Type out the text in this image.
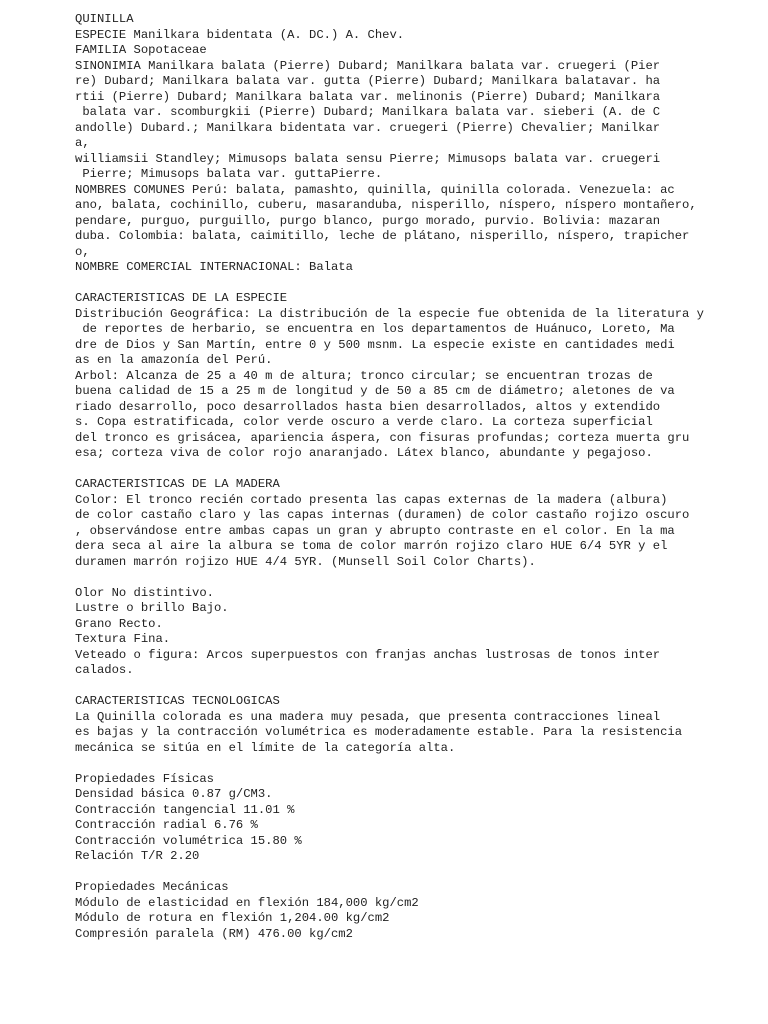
QUINILLA
ESPECIE Manilkara bidentata (A. DC.) A. Chev.
FAMILIA Sopotaceae
SINONIMIA Manilkara balata (Pierre) Dubard; Manilkara balata var. cruegeri (Pier
re) Dubard; Manilkara balata var. gutta (Pierre) Dubard; Manilkara balatavar. ha
rtii (Pierre) Dubard; Manilkara balata var. melinonis (Pierre) Dubard; Manilkara
balata var. scomburgkii (Pierre) Dubard; Manilkara balata var. sieberi (A. de C
andolle) Dubard.; Manilkara bidentata var. cruegeri (Pierre) Chevalier; Manilkar
a,
williamsii Standley; Mimusops balata sensu Pierre; Mimusops balata var. cruegeri
Pierre; Mimusops balata var. guttaPierre.
NOMBRES COMUNES Perú: balata, pamashto, quinilla, quinilla colorada. Venezuela: ac
ano, balata, cochinillo, cuberu, masaranduba, nisperillo, níspero, níspero montañero,
pendare, purguo, purguillo, purgo blanco, purgo morado, purvio. Bolivia: mazaran
duba. Colombia: balata, caimitillo, leche de plátano, nisperillo, níspero, trapicher
o,
NOMBRE COMERCIAL INTERNACIONAL: Balata
CARACTERISTICAS DE LA ESPECIE
Distribución Geográfica: La distribución de la especie fue obtenida de la literatura y
de reportes de herbario, se encuentra en los departamentos de Huánuco, Loreto, Ma
dre de Dios y San Martín, entre 0 y 500 msnm. La especie existe en cantidades medi
as en la amazonía del Perú.
Arbol: Alcanza de 25 a 40 m de altura; tronco circular; se encuentran trozas de
buena calidad de 15 a 25 m de longitud y de 50 a 85 cm de diámetro; aletones de va
riado desarrollo, poco desarrollados hasta bien desarrollados, altos y extendido
s. Copa estratificada, color verde oscuro a verde claro. La corteza superficial
del tronco es grisácea, apariencia áspera, con fisuras profundas; corteza muerta gru
esa; corteza viva de color rojo anaranjado. Látex blanco, abundante y pegajoso.
CARACTERISTICAS DE LA MADERA
Color: El tronco recién cortado presenta las capas externas de la madera (albura)
de color castaño claro y las capas internas (duramen) de color castaño rojizo oscuro
, observándose entre ambas capas un gran y abrupto contraste en el color. En la ma
dera seca al aire la albura se toma de color marrón rojizo claro HUE 6/4 5YR y el
duramen marrón rojizo HUE 4/4 5YR. (Munsell Soil Color Charts).
Olor No distintivo.
Lustre o brillo Bajo.
Grano Recto.
Textura Fina.
Veteado o figura: Arcos superpuestos con franjas anchas lustrosas de tonos inter
calados.
CARACTERISTICAS TECNOLOGICAS
La Quinilla colorada es una madera muy pesada, que presenta contracciones lineal
es bajas y la contracción volumétrica es moderadamente estable. Para la resistencia
mecánica se sitúa en el límite de la categoría alta.
Propiedades Físicas
Densidad básica 0.87 g/CM3.
Contracción tangencial 11.01 %
Contracción radial 6.76 %
Contracción volumétrica 15.80 %
Relación T/R 2.20
Propiedades Mecánicas
Módulo de elasticidad en flexión 184,000 kg/cm2
Módulo de rotura en flexión 1,204.00 kg/cm2
Compresión paralela (RM) 476.00 kg/cm2
